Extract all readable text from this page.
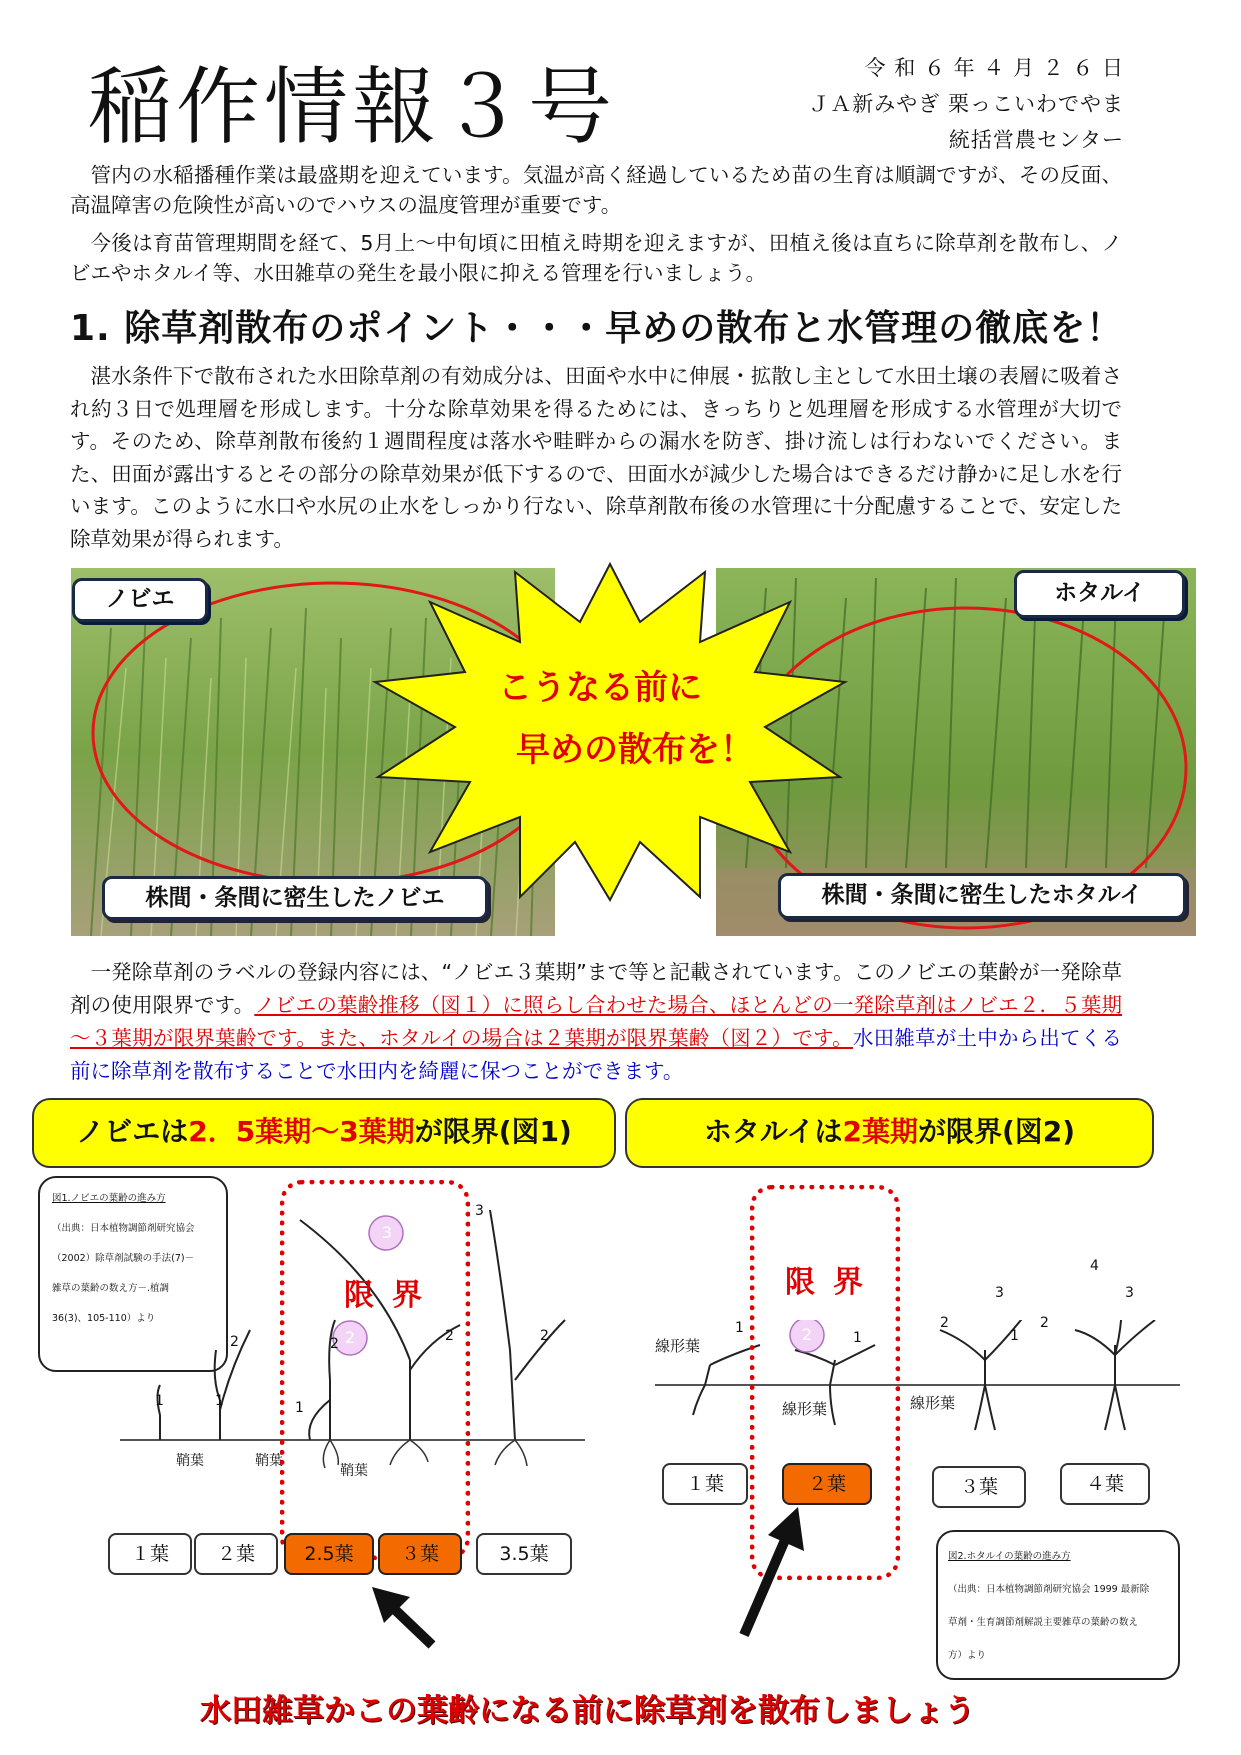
稲作情報３号	令 和 ６ 年 ４ 月 ２ ６ 日
ＪＡ新みやぎ 栗っこいわでやま
統括営農センター
管内の水稲播種作業は最盛期を迎えています。気温が高く経過しているため苗の生育は順調ですが、その反面、高温障害の危険性が高いのでハウスの温度管理が重要です。
今後は育苗管理期間を経て、5月上～中旬頃に田植え時期を迎えますが、田植え後は直ちに除草剤を散布し、ノビエやホタルイ等、水田雑草の発生を最小限に抑える管理を行いましょう。
1. 除草剤散布のポイント・・・早めの散布と水管理の徹底を！
湛水条件下で散布された水田除草剤の有効成分は、田面や水中に伸展・拡散し主として水田土壌の表層に吸着され約３日で処理層を形成します。十分な除草効果を得るためには、きっちりと処理層を形成する水管理が大切です。そのため、除草剤散布後約１週間程度は落水や畦畔からの漏水を防ぎ、掛け流しは行わないでください。また、田面が露出するとその部分の除草効果が低下するので、田面水が減少した場合はできるだけ静かに足し水を行います。このように水口や水尻の止水をしっかり行ない、除草剤散布後の水管理に十分配慮することで、安定した除草効果が得られます。
ノビエ
株間・条間に密生したノビエ
ホタルイ
株間・条間に密生したホタルイ
こうなる前に
早めの散布を！
一発除草剤のラベルの登録内容には、“ノビエ３葉期”まで等と記載されています。このノビエの葉齢が一発除草剤の使用限界です。ノビエの葉齢推移（図１）に照らし合わせた場合、ほとんどの一発除草剤はノビエ２．５葉期～３葉期が限界葉齢です。また、ホタルイの場合は２葉期が限界葉齢（図２）です。水田雑草が土中から出てくる前に除草剤を散布することで水田内を綺麗に保つことができます。
ノビエは2．5葉期～3葉期が限界(図1)	ホタルイは2葉期が限界(図2)
図1.ノビエの葉齢の進み方
（出典：日本植物調節剤研究協会
（2002）除草剤試験の手法(7)－
雑草の葉齢の数え方－.植調
36(3)、105-110）より
3
2
1	1
2
1
2	2
3
2
鞘葉	鞘葉
鞘葉
限界
１葉	２葉	2.5葉	３葉	3.5葉
2
1
1
2
1
3
2
4
3
線形葉
線形葉	線形葉
限界
１葉	２葉	３葉	４葉
図2.ホタルイの葉齢の進み方
（出典：日本植物調節剤研究協会 1999 最新除
草剤・生育調節剤解説主要雑草の葉齢の数え
方）より
水田雑草かこの葉齢になる前に除草剤を散布しましょう
